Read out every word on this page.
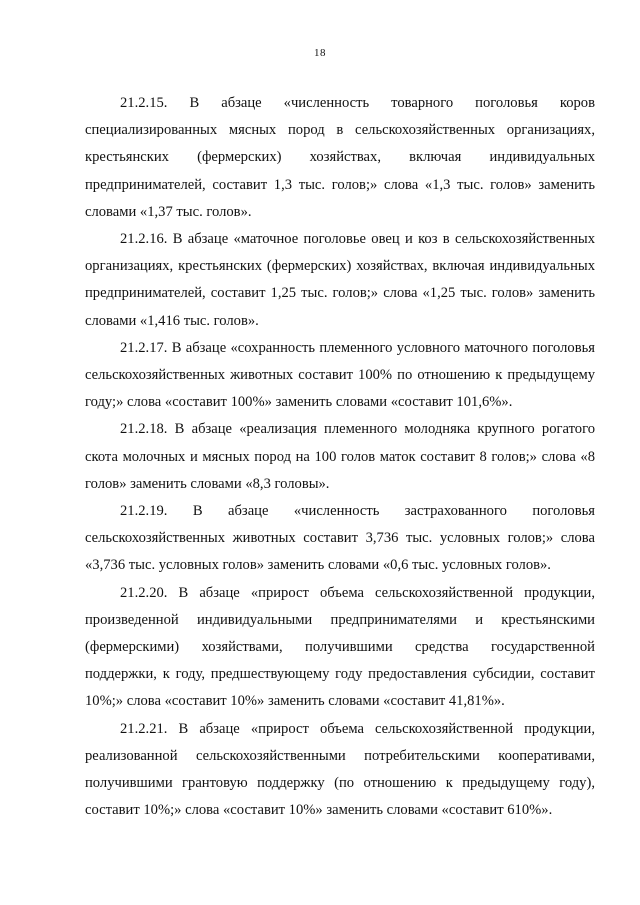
18

21.2.15. В абзаце «численность товарного поголовья коров специализированных мясных пород в сельскохозяйственных организациях, крестьянских (фермерских) хозяйствах, включая индивидуальных предпринимателей, составит 1,3 тыс. голов;» слова «1,3 тыс. голов» заменить словами «1,37 тыс. голов».

21.2.16. В абзаце «маточное поголовье овец и коз в сельскохозяйственных организациях, крестьянских (фермерских) хозяйствах, включая индивидуальных предпринимателей, составит 1,25 тыс. голов;» слова «1,25 тыс. голов» заменить словами «1,416 тыс. голов».

21.2.17. В абзаце «сохранность племенного условного маточного поголовья сельскохозяйственных животных составит 100% по отношению к предыдущему году;» слова «составит 100%» заменить словами «составит 101,6%».

21.2.18. В абзаце «реализация племенного молодняка крупного рогатого скота молочных и мясных пород на 100 голов маток составит 8 голов;» слова «8 голов» заменить словами «8,3 головы».

21.2.19. В абзаце «численность застрахованного поголовья сельскохозяйственных животных составит 3,736 тыс. условных голов;» слова «3,736 тыс. условных голов» заменить словами «0,6 тыс. условных голов».

21.2.20. В абзаце «прирост объема сельскохозяйственной продукции, произведенной индивидуальными предпринимателями и крестьянскими (фермерскими) хозяйствами, получившими средства государственной поддержки, к году, предшествующему году предоставления субсидии, составит 10%;» слова «составит 10%» заменить словами «составит 41,81%».

21.2.21. В абзаце «прирост объема сельскохозяйственной продукции, реализованной сельскохозяйственными потребительскими кооперативами, получившими грантовую поддержку (по отношению к предыдущему году), составит 10%;» слова «составит 10%» заменить словами «составит 610%».
